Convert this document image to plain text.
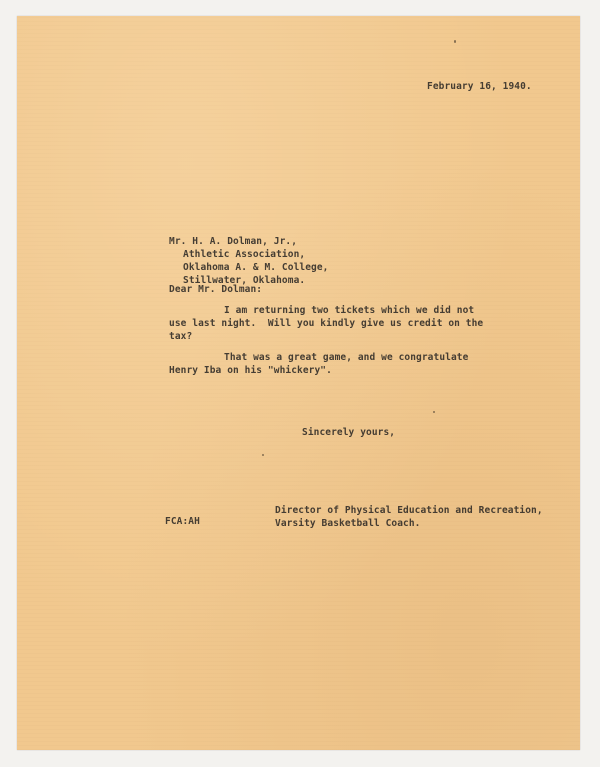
February 16, 1940.
Mr. H. A. Dolman, Jr.,
Athletic Association,
Oklahoma A. & M. College,
Stillwater, Oklahoma.
Dear Mr. Dolman:
I am returning two tickets which we did not
use last night.  Will you kindly give us credit on the
tax?
That was a great game, and we congratulate
Henry Iba on his "whickery".
Sincerely yours,
Director of Physical Education and Recreation,
Varsity Basketball Coach.
FCA:AH
